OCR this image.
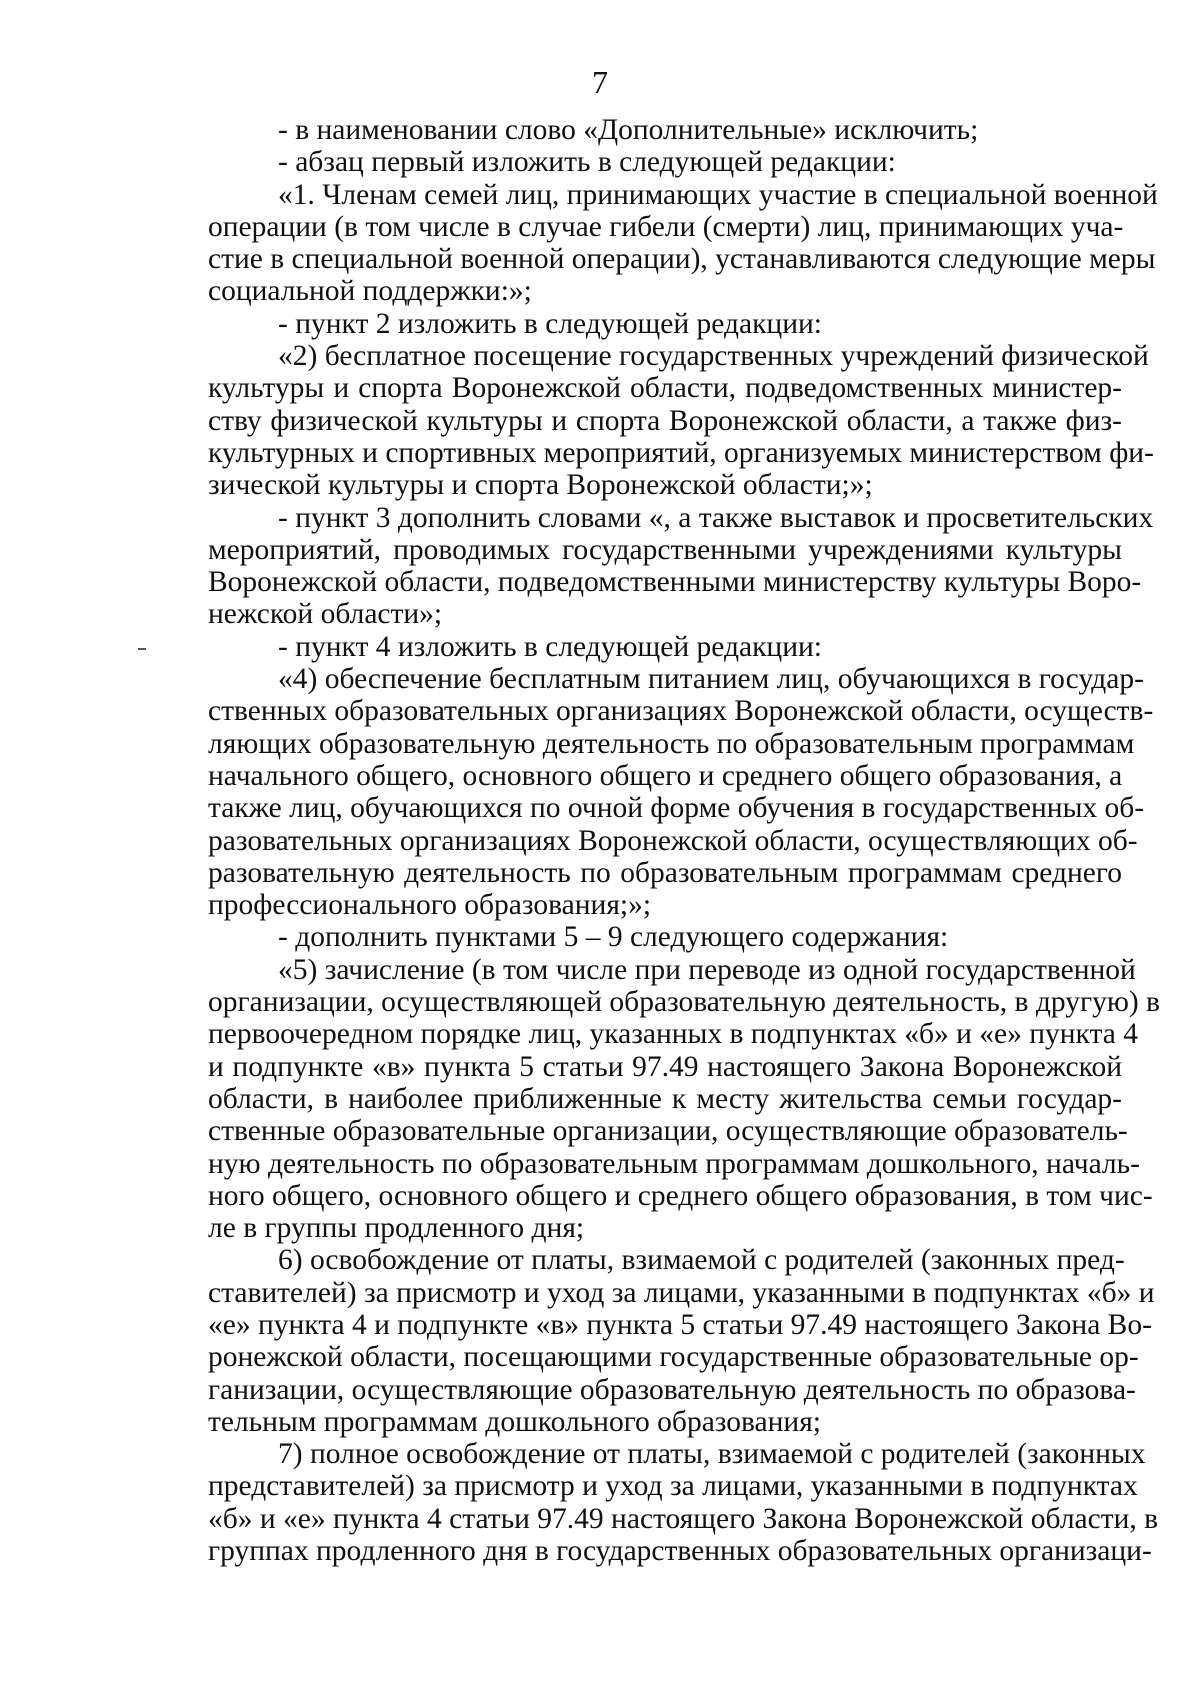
7
- в наименовании слово «Дополнительные» исключить;
- абзац первый изложить в следующей редакции:
«1. Членам семей лиц, принимающих участие в специальной военной
операции (в том числе в случае гибели (смерти) лиц, принимающих уча-
стие в специальной военной операции), устанавливаются следующие меры
социальной поддержки:»;
- пункт 2 изложить в следующей редакции:
«2) бесплатное посещение государственных учреждений физической
культуры и спорта Воронежской области, подведомственных министер-
ству физической культуры и спорта Воронежской области, а также физ-
культурных и спортивных мероприятий, организуемых министерством фи-
зической культуры и спорта Воронежской области;»;
- пункт 3 дополнить словами «, а также выставок и просветительских
мероприятий, проводимых государственными учреждениями культуры
Воронежской области, подведомственными министерству культуры Воро-
нежской области»;
- пункт 4 изложить в следующей редакции:
«4) обеспечение бесплатным питанием лиц, обучающихся в государ-
ственных образовательных организациях Воронежской области, осуществ-
ляющих образовательную деятельность по образовательным программам
начального общего, основного общего и среднего общего образования, а
также лиц, обучающихся по очной форме обучения в государственных об-
разовательных организациях Воронежской области, осуществляющих об-
разовательную деятельность по образовательным программам среднего
профессионального образования;»;
- дополнить пунктами 5 – 9 следующего содержания:
«5) зачисление (в том числе при переводе из одной государственной
организации, осуществляющей образовательную деятельность, в другую) в
первоочередном порядке лиц, указанных в подпунктах «б» и «е» пункта 4
и подпункте «в» пункта 5 статьи 97.49 настоящего Закона Воронежской
области, в наиболее приближенные к месту жительства семьи государ-
ственные образовательные организации, осуществляющие образователь-
ную деятельность по образовательным программам дошкольного, началь-
ного общего, основного общего и среднего общего образования, в том чис-
ле в группы продленного дня;
6) освобождение от платы, взимаемой с родителей (законных пред-
ставителей) за присмотр и уход за лицами, указанными в подпунктах «б» и
«е» пункта 4 и подпункте «в» пункта 5 статьи 97.49 настоящего Закона Во-
ронежской области, посещающими государственные образовательные ор-
ганизации, осуществляющие образовательную деятельность по образова-
тельным программам дошкольного образования;
7) полное освобождение от платы, взимаемой с родителей (законных
представителей) за присмотр и уход за лицами, указанными в подпунктах
«б» и «е» пункта 4 статьи 97.49 настоящего Закона Воронежской области, в
группах продленного дня в государственных образовательных организаци-
